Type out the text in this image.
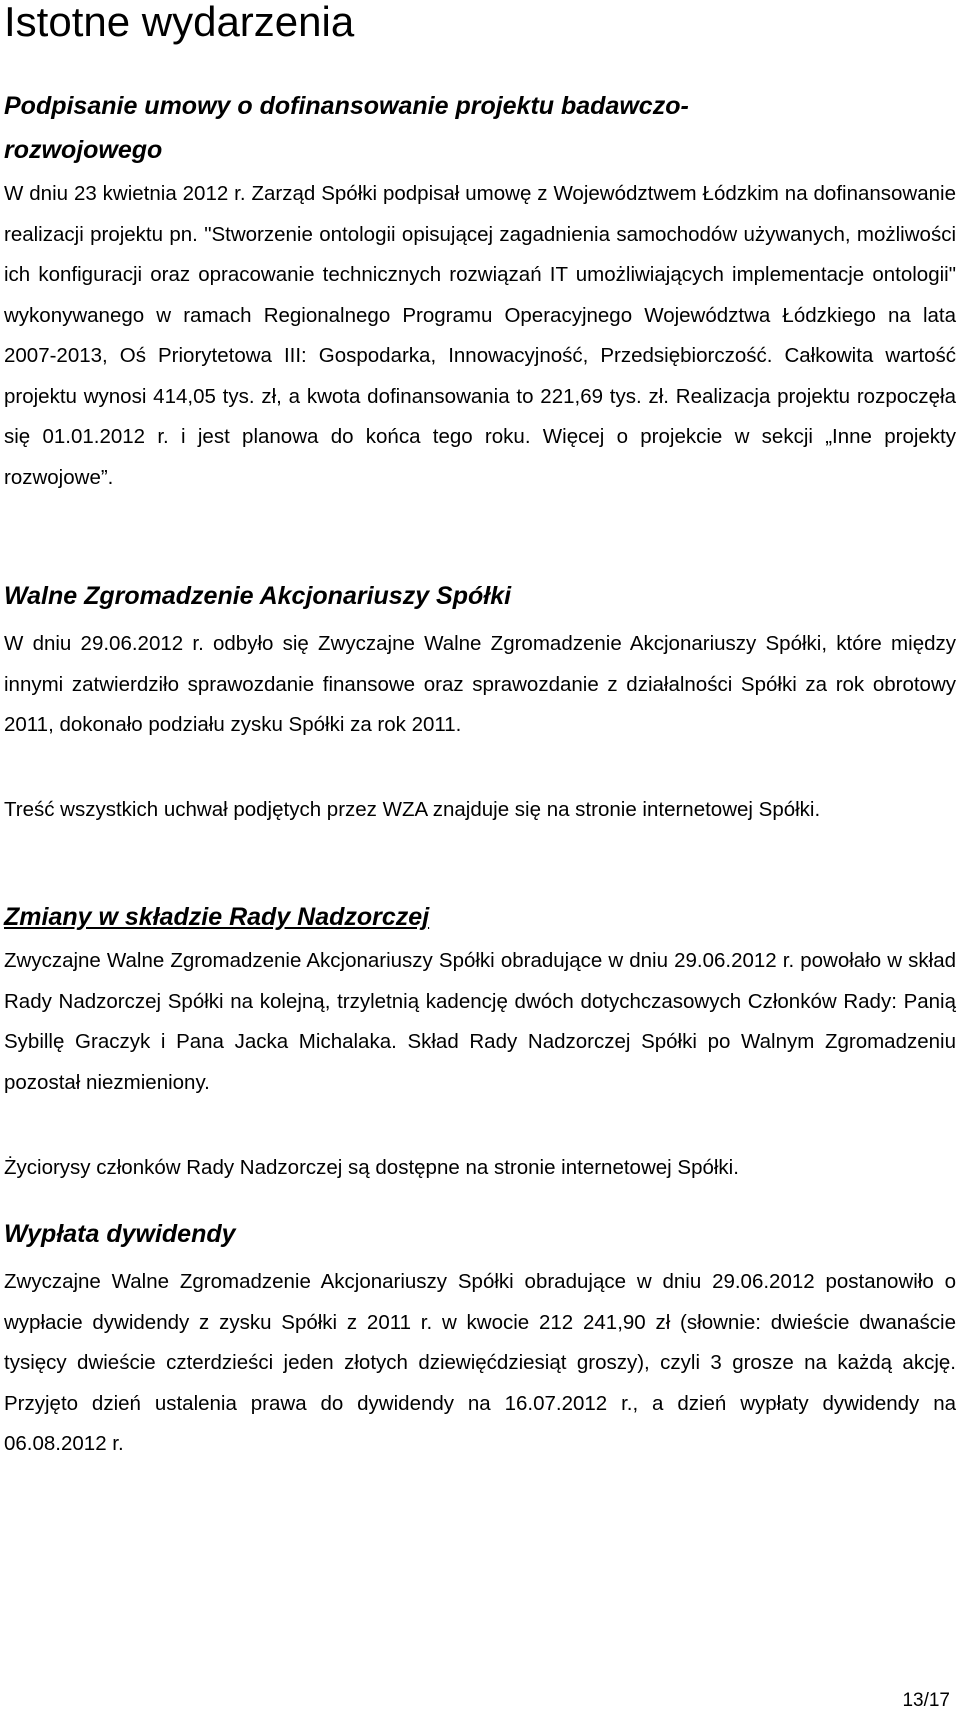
Istotne wydarzenia
Podpisanie umowy o dofinansowanie projektu badawczo-rozwojowego

W dniu 23 kwietnia 2012 r. Zarząd Spółki podpisał umowę z Województwem Łódzkim na dofinansowanie realizacji projektu pn. "Stworzenie ontologii opisującej zagadnienia samochodów używanych, możliwości ich konfiguracji oraz opracowanie technicznych rozwiązań IT umożliwiających implementacje ontologii" wykonywanego w ramach Regionalnego Programu Operacyjnego Województwa Łódzkiego na lata 2007-2013, Oś Priorytetowa III: Gospodarka, Innowacyjność, Przedsiębiorczość. Całkowita wartość projektu wynosi 414,05 tys. zł, a kwota dofinansowania to 221,69 tys. zł. Realizacja projektu rozpoczęła się 01.01.2012 r. i jest planowa do końca tego roku. Więcej o projekcie w sekcji „Inne projekty rozwojowe”.

Walne Zgromadzenie Akcjonariuszy Spółki

W dniu 29.06.2012 r. odbyło się Zwyczajne Walne Zgromadzenie Akcjonariuszy Spółki, które między innymi zatwierdziło sprawozdanie finansowe oraz sprawozdanie z działalności Spółki za rok obrotowy 2011, dokonało podziału zysku Spółki za rok 2011.

Treść wszystkich uchwał podjętych przez WZA znajduje się na stronie internetowej Spółki.

Zmiany w składzie Rady Nadzorczej

Zwyczajne Walne Zgromadzenie Akcjonariuszy Spółki obradujące w dniu 29.06.2012 r. powołało w skład Rady Nadzorczej Spółki na kolejną, trzyletnią kadencję dwóch dotychczasowych Członków Rady: Panią Sybillę Graczyk i Pana Jacka Michalaka. Skład Rady Nadzorczej Spółki po Walnym Zgromadzeniu pozostał niezmieniony.

Życiorysy członków Rady Nadzorczej są dostępne na stronie internetowej Spółki.

Wypłata dywidendy

Zwyczajne Walne Zgromadzenie Akcjonariuszy Spółki obradujące w dniu 29.06.2012 postanowiło o wypłacie dywidendy z zysku Spółki z 2011 r. w kwocie 212 241,90 zł (słownie: dwieście dwanaście tysięcy dwieście czterdzieści jeden złotych dziewięćdziesiąt groszy), czyli 3 grosze na każdą akcję. Przyjęto dzień ustalenia prawa do dywidendy na 16.07.2012 r., a dzień wypłaty dywidendy na 06.08.2012 r.

13/17
